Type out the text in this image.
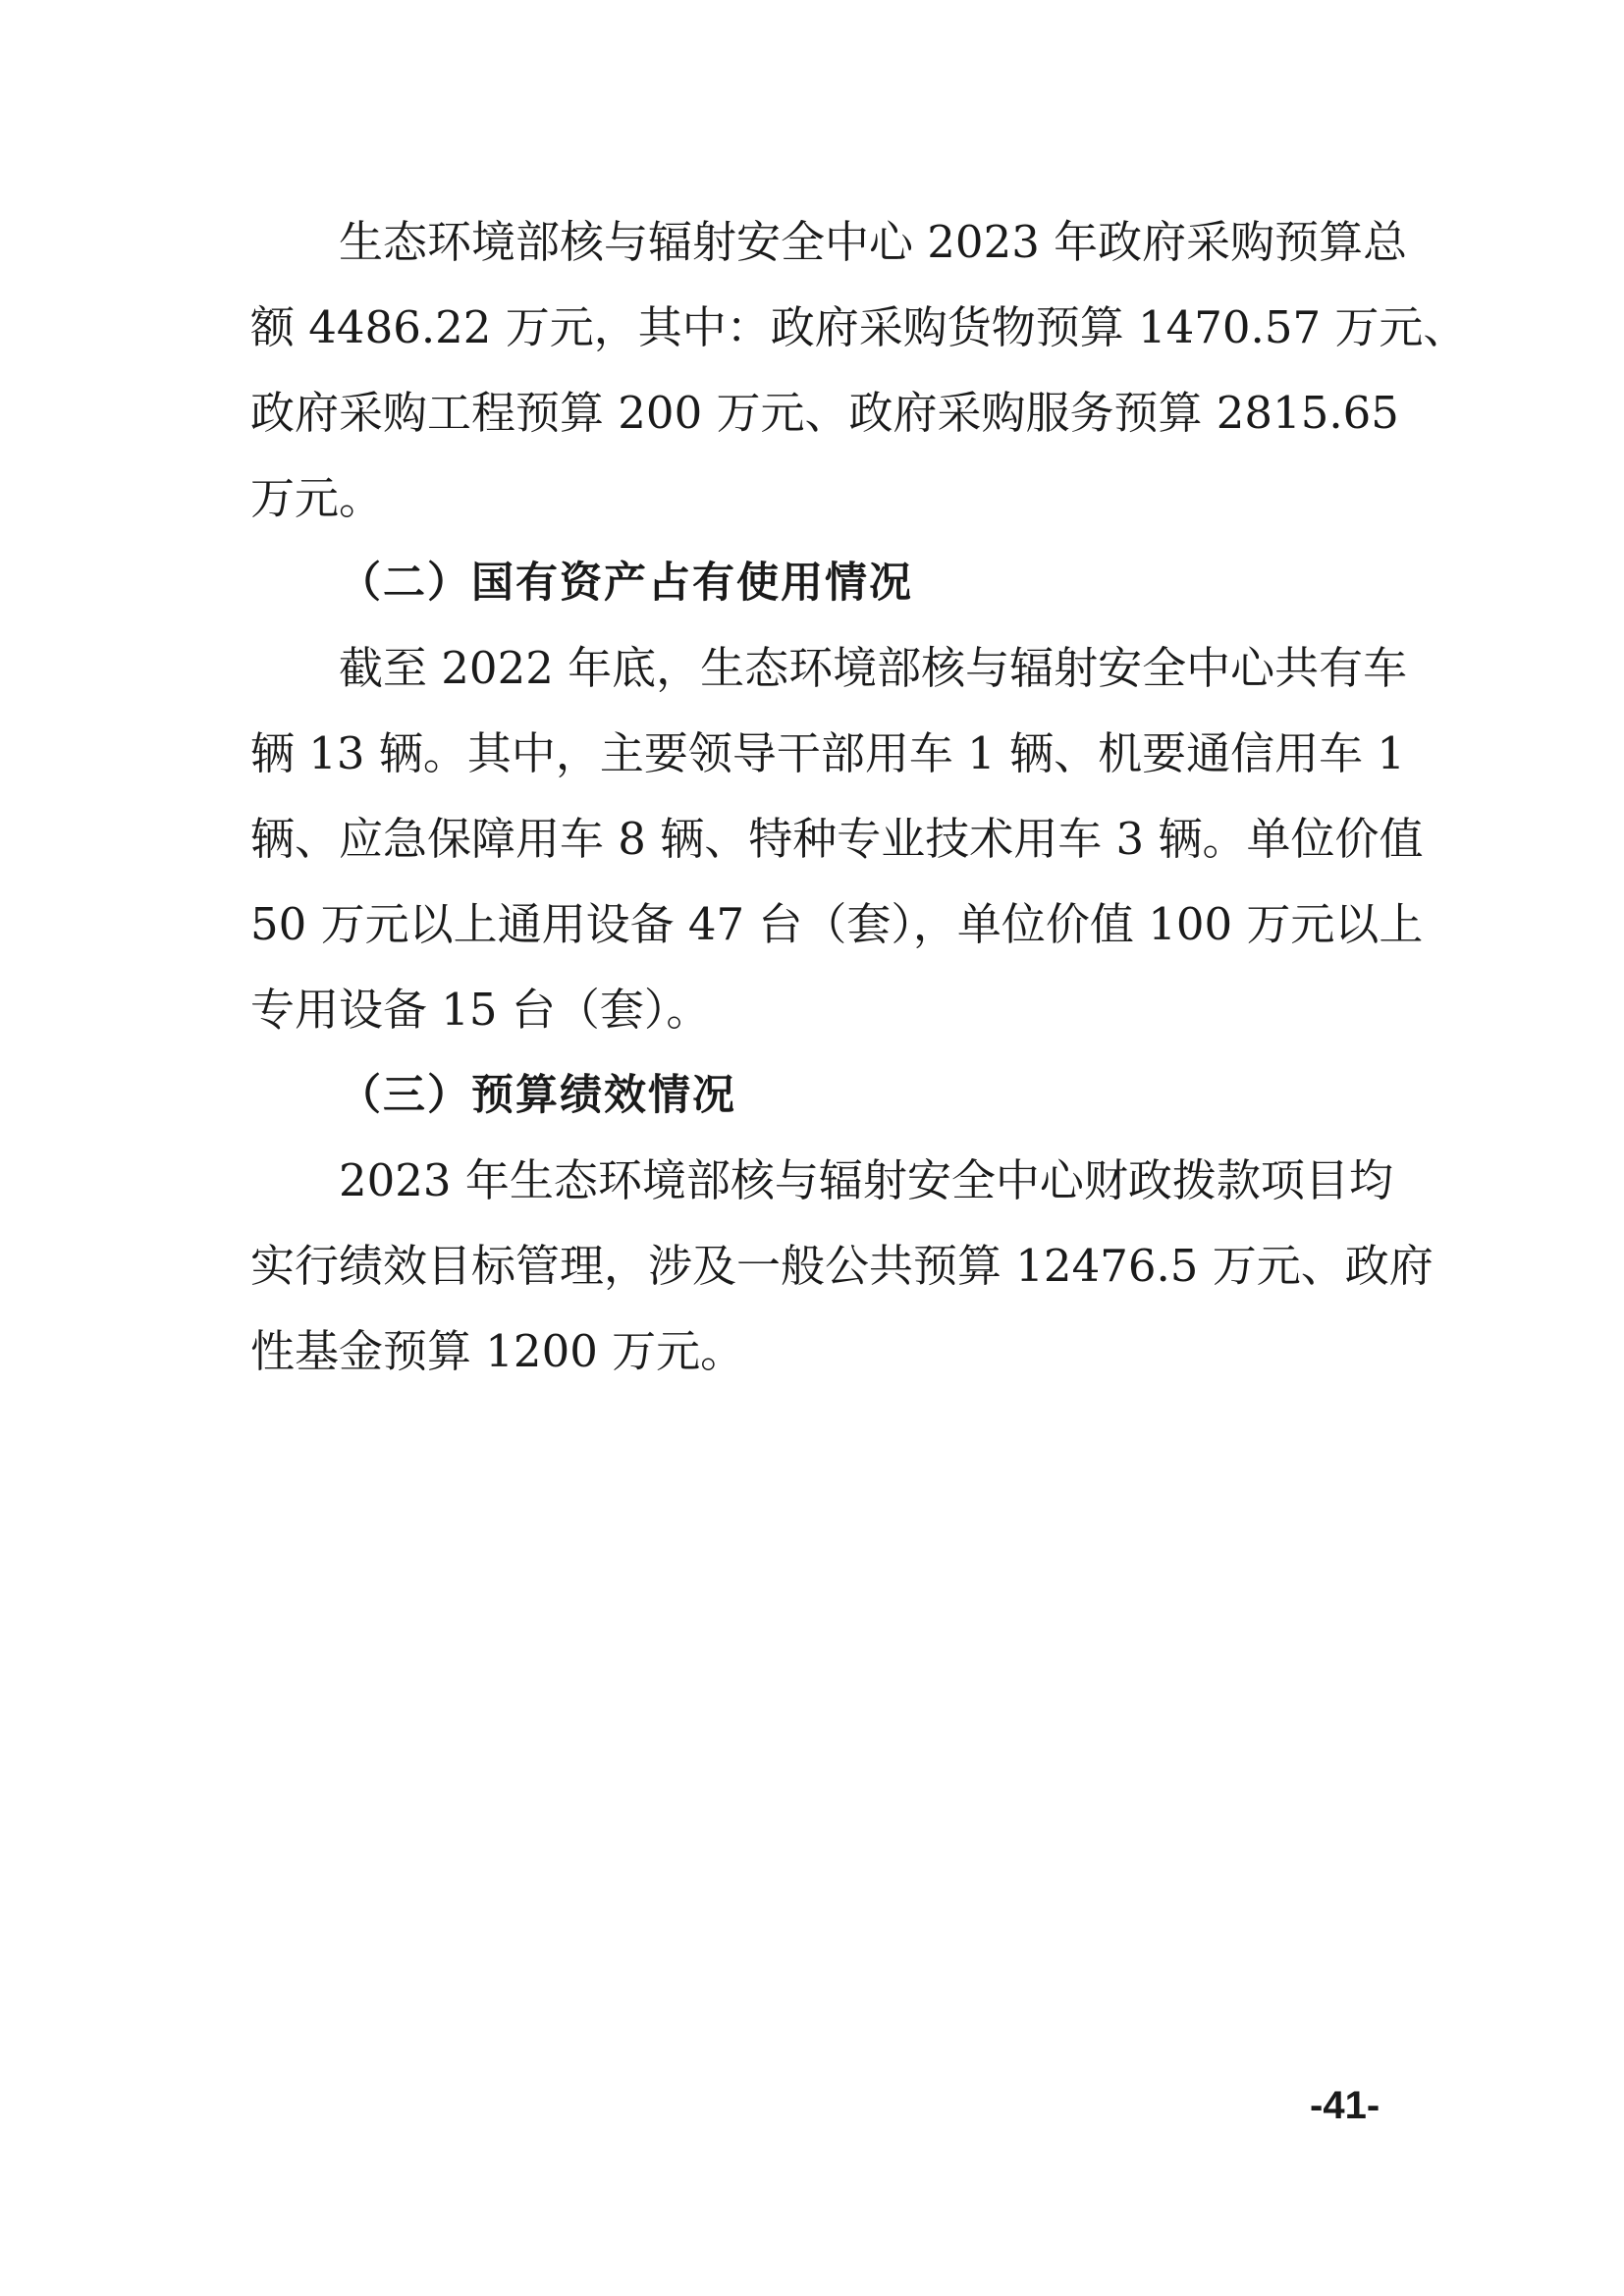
生态环境部核与辐射安全中心 2023 年政府采购预算总
额 4486.22 万元，其中：政府采购货物预算 1470.57 万元、
政府采购工程预算 200 万元、政府采购服务预算 2815.65
万元。
（二）国有资产占有使用情况
截至 2022 年底，生态环境部核与辐射安全中心共有车
辆 13 辆。其中，主要领导干部用车 1 辆、机要通信用车 1
辆、应急保障用车 8 辆、特种专业技术用车 3 辆。单位价值
50 万元以上通用设备 47 台（套），单位价值 100 万元以上
专用设备 15 台（套）。
（三）预算绩效情况
2023 年生态环境部核与辐射安全中心财政拨款项目均
实行绩效目标管理，涉及一般公共预算 12476.5 万元、政府
性基金预算 1200 万元。
-41-
